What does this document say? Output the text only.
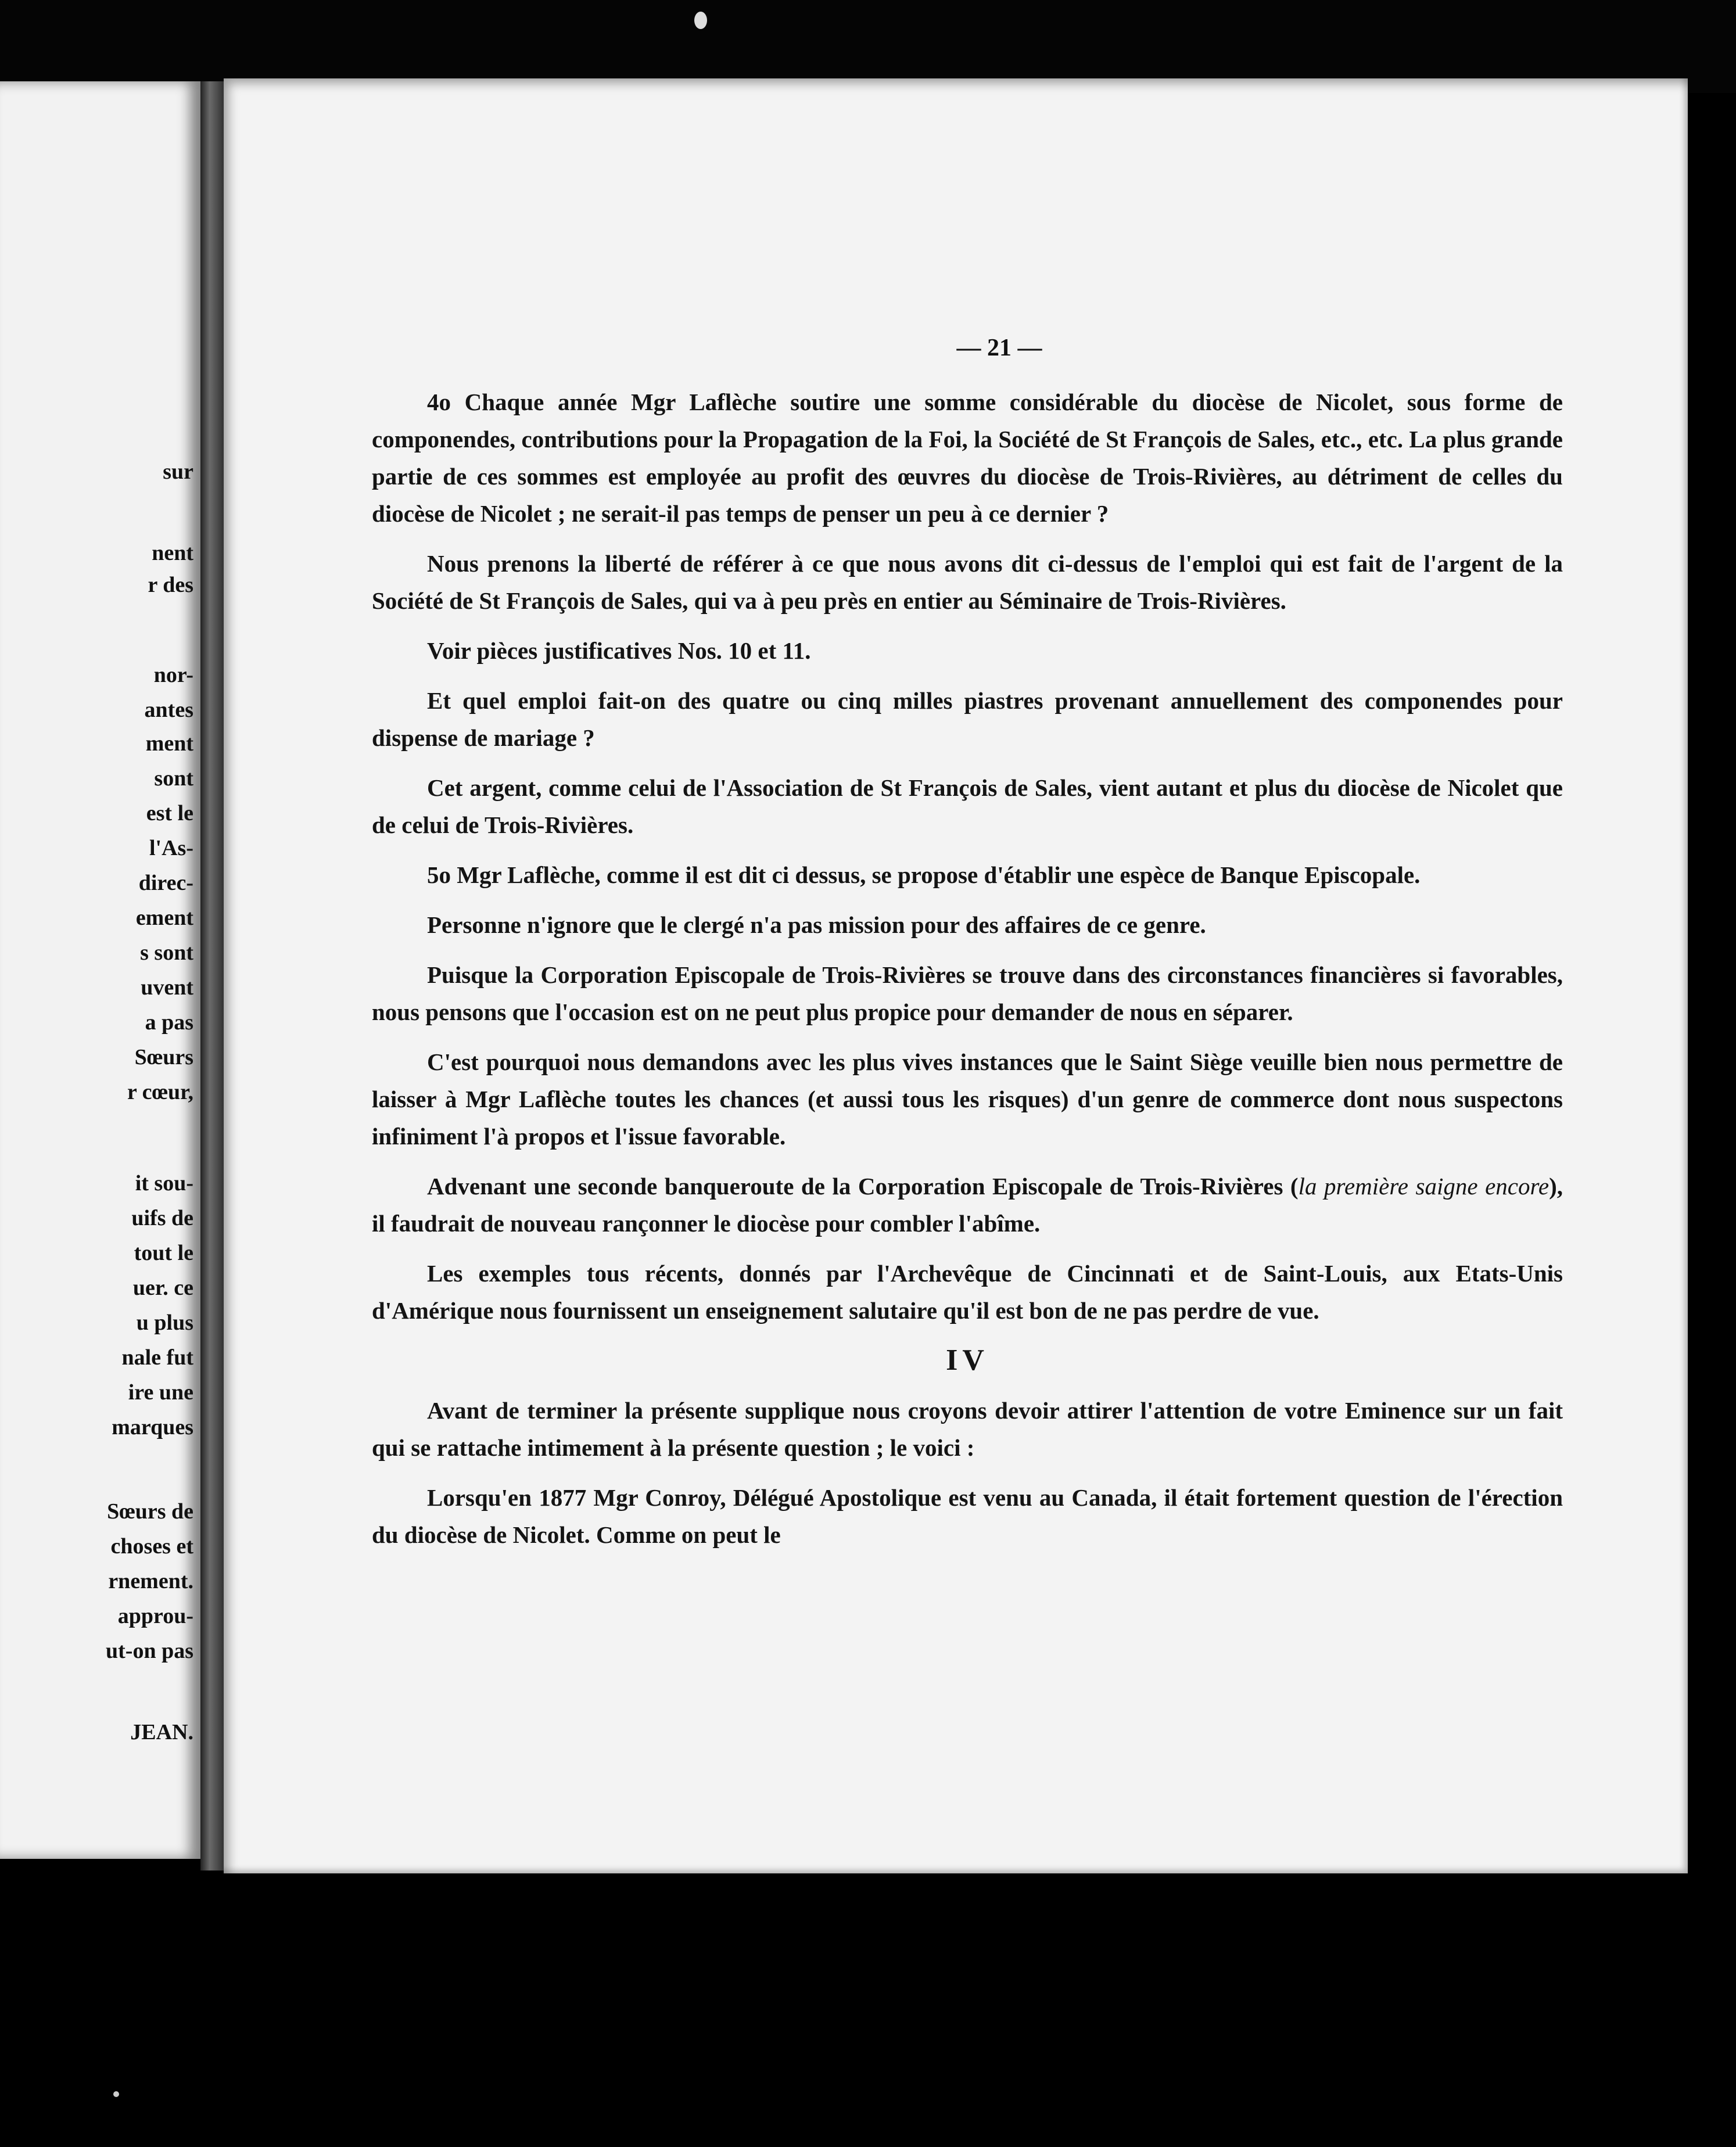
sur
nent
r des
nor-
antes
ment
sont
est le
l'As-
direc-
ement
s sont
uvent
a pas
Sœurs
r cœur,
it sou-
uifs de
tout le
uer. ce
u plus
nale fut
ire une
marques
Sœurs de
choses et
rnement.
approu-
ut-on pas
JEAN.
— 21 —

4o Chaque année Mgr Laflèche soutire une somme considérable du diocèse de Nicolet, sous forme de componendes, contributions pour la Propagation de la Foi, la Société de St François de Sales, etc., etc. La plus grande partie de ces sommes est employée au profit des œuvres du diocèse de Trois-Rivières, au détriment de celles du diocèse de Nicolet ; ne serait-il pas temps de penser un peu à ce dernier ?

Nous prenons la liberté de référer à ce que nous avons dit ci-dessus de l'emploi qui est fait de l'argent de la Société de St François de Sales, qui va à peu près en entier au Séminaire de Trois-Rivières.

Voir pièces justificatives Nos. 10 et 11.

Et quel emploi fait-on des quatre ou cinq milles piastres provenant annuellement des componendes pour dispense de mariage ?

Cet argent, comme celui de l'Association de St François de Sales, vient autant et plus du diocèse de Nicolet que de celui de Trois-Rivières.

5o Mgr Laflèche, comme il est dit ci dessus, se propose d'établir une espèce de Banque Episcopale.

Personne n'ignore que le clergé n'a pas mission pour des affaires de ce genre.

Puisque la Corporation Episcopale de Trois-Rivières se trouve dans des circonstances financières si favorables, nous pensons que l'occasion est on ne peut plus propice pour demander de nous en séparer.

C'est pourquoi nous demandons avec les plus vives instances que le Saint Siège veuille bien nous permettre de laisser à Mgr Laflèche toutes les chances (et aussi tous les risques) d'un genre de commerce dont nous suspectons infiniment l'à propos et l'issue favorable.

Advenant une seconde banqueroute de la Corporation Episcopale de Trois-Rivières (la première saigne encore), il faudrait de nouveau rançonner le diocèse pour combler l'abîme.

Les exemples tous récents, donnés par l'Archevêque de Cincinnati et de Saint-Louis, aux Etats-Unis d'Amérique nous fournissent un enseignement salutaire qu'il est bon de ne pas perdre de vue.

IV

Avant de terminer la présente supplique nous croyons devoir attirer l'attention de votre Eminence sur un fait qui se rattache intimement à la présente question ; le voici :

Lorsqu'en 1877 Mgr Conroy, Délégué Apostolique est venu au Canada, il était fortement question de l'érection du diocèse de Nicolet. Comme on peut le
